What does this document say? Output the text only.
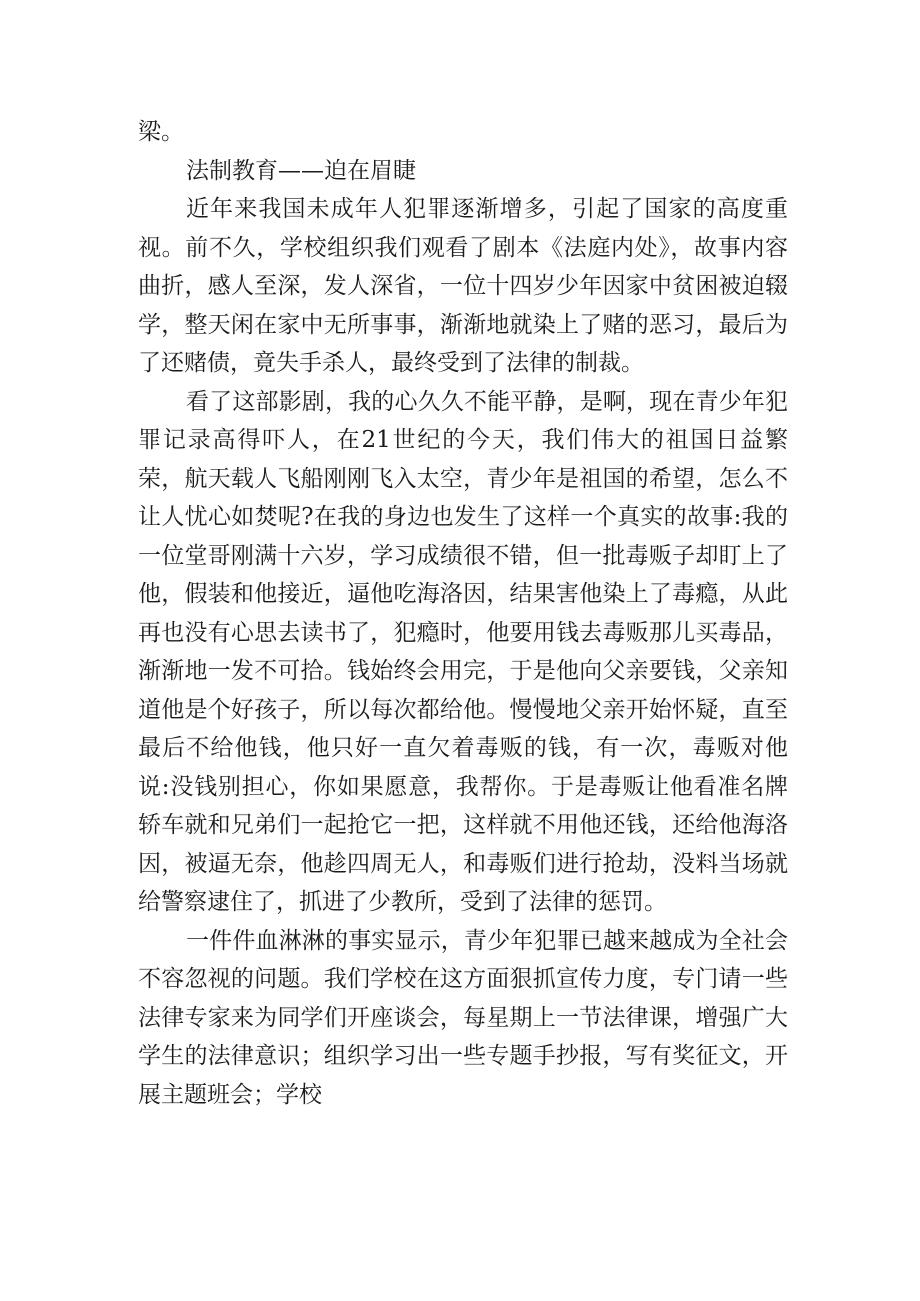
梁。

法制教育——迫在眉睫

近年来我国未成年人犯罪逐渐增多，引起了国家的高度重视。前不久，学校组织我们观看了剧本《法庭内处》，故事内容曲折，感人至深，发人深省，一位十四岁少年因家中贫困被迫辍学，整天闲在家中无所事事，渐渐地就染上了赌的恶习，最后为了还赌债，竟失手杀人，最终受到了法律的制裁。

看了这部影剧，我的心久久不能平静，是啊，现在青少年犯罪记录高得吓人，在21世纪的今天，我们伟大的祖国日益繁荣，航天载人飞船刚刚飞入太空，青少年是祖国的希望，怎么不让人忧心如焚呢?在我的身边也发生了这样一个真实的故事:我的一位堂哥刚满十六岁，学习成绩很不错，但一批毒贩子却盯上了他，假装和他接近，逼他吃海洛因，结果害他染上了毒瘾，从此再也没有心思去读书了，犯瘾时，他要用钱去毒贩那儿买毒品，渐渐地一发不可拾。钱始终会用完，于是他向父亲要钱，父亲知道他是个好孩子，所以每次都给他。慢慢地父亲开始怀疑，直至最后不给他钱，他只好一直欠着毒贩的钱，有一次，毒贩对他说:没钱别担心，你如果愿意，我帮你。于是毒贩让他看准名牌轿车就和兄弟们一起抢它一把，这样就不用他还钱，还给他海洛因，被逼无奈，他趁四周无人，和毒贩们进行抢劫，没料当场就给警察逮住了，抓进了少教所，受到了法律的惩罚。

一件件血淋淋的事实显示，青少年犯罪已越来越成为全社会不容忽视的问题。我们学校在这方面狠抓宣传力度，专门请一些法律专家来为同学们开座谈会，每星期上一节法律课，增强广大学生的法律意识；组织学习出一些专题手抄报，写有奖征文，开展主题班会；学校
